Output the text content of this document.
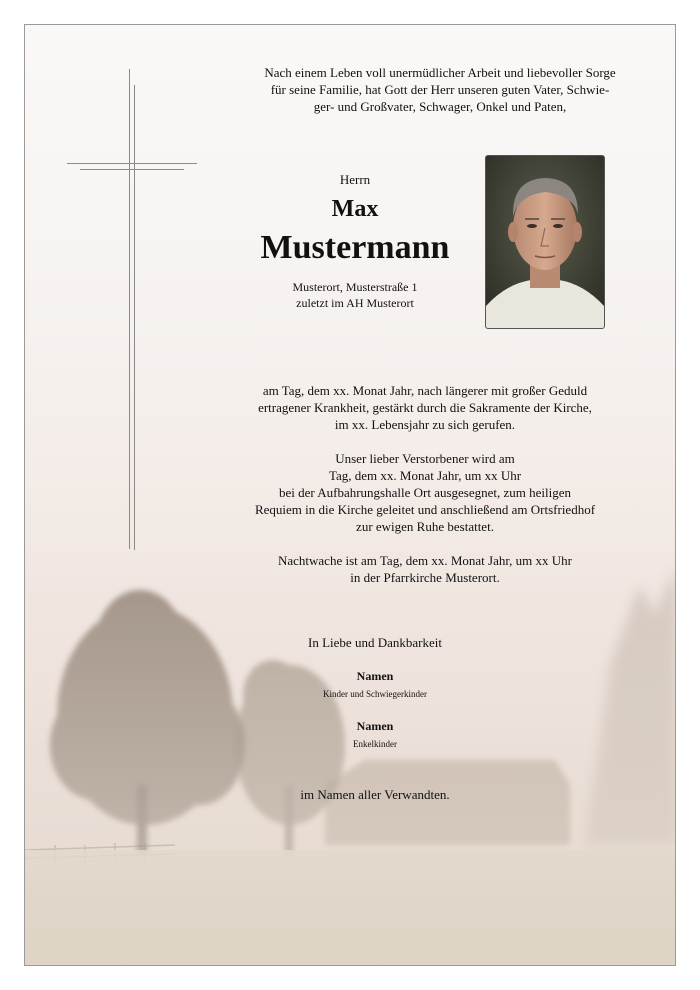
Nach einem Leben voll unermüdlicher Arbeit und liebevoller Sorge
für seine Familie, hat Gott der Herr unseren guten Vater, Schwie-
ger- und Großvater, Schwager, Onkel und Paten,
Herrn
Max
Mustermann
Musterort, Musterstraße 1
zuletzt im AH Musterort
am Tag, dem xx. Monat Jahr, nach längerer mit großer Geduld
ertragener Krankheit, gestärkt durch die Sakramente der Kirche,
im xx. Lebensjahr zu sich gerufen.
Unser lieber Verstorbener wird am
Tag, dem xx. Monat Jahr, um xx Uhr
bei der Aufbahrungshalle Ort ausgesegnet, zum heiligen
Requiem in die Kirche geleitet und anschließend am Ortsfriedhof
zur ewigen Ruhe bestattet.
Nachtwache ist am Tag, dem xx. Monat Jahr, um xx Uhr
in der Pfarrkirche Musterort.
In Liebe und Dankbarkeit
Namen
Kinder und Schwiegerkinder
Namen
Enkelkinder
im Namen aller Verwandten.
